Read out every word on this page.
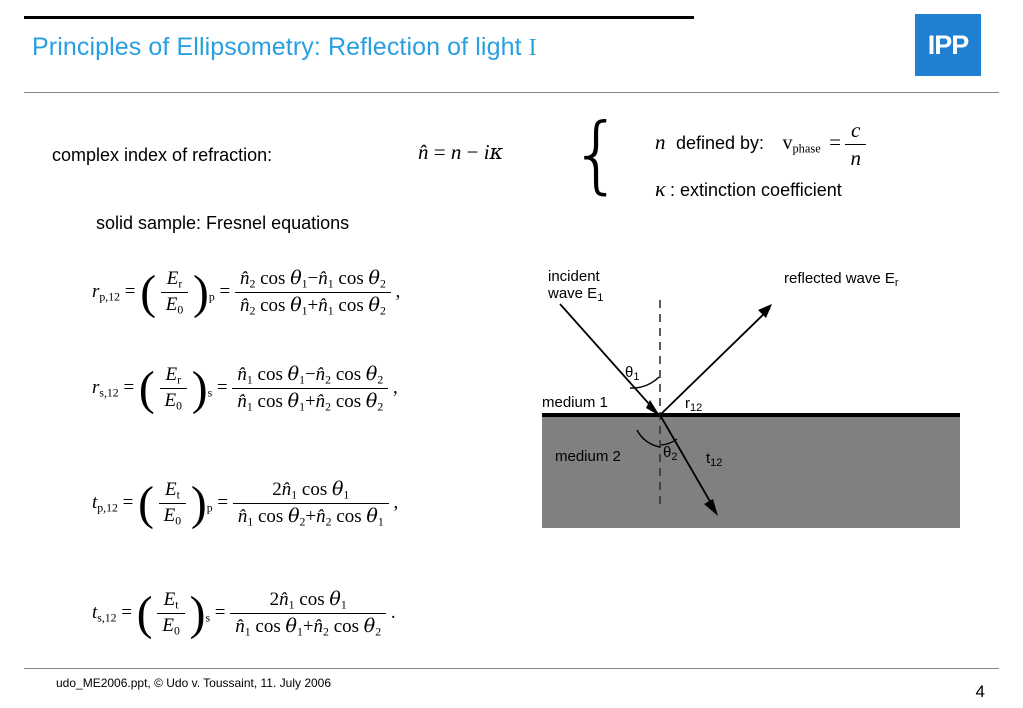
Principles of Ellipsometry: Reflection of light I	IPP
complex index of refraction:	n̂ = n − iκ { n defined by: $v_{phase} = \frac{c}{n}$
κ : extinction coefficient
solid sample: Fresnel equations
$r_{p,12}$ = ( $\frac{E_r}{E_0} )_p = \frac{n̂_2 \cos \theta_1-n̂_1 \cos \theta_2}{n̂_2 \cos \theta_1+n̂_1 \cos \theta_2}$ ,
$r_{s,12}$ = ( $\frac{E_r}{E_0} )_s = \frac{n̂_1 \cos \theta_1-n̂_2 \cos \theta_2}{n̂_1 \cos \theta_1+n̂_2 \cos \theta_2}$ ,
$t_{p,12}$ = ( $\frac{E_t}{E_0} )_p = \frac{2n̂_1 \cos \theta_1}{n̂_1 \cos \theta_2+n̂_2 \cos \theta_1}$ ,
$t_{s,12}$ = ( $\frac{E_t}{E_0} )_s = \frac{2n̂_1 \cos \theta_1}{n̂_1 \cos \theta_1+n̂_2 \cos \theta_2}$ .
incident
wave $E_1$
reflected wave $E_r$
$\theta_1$
medium 1
medium 2	$\theta_2$
$r_{12}$
$t_{12}$
udo_ME2006.ppt, © Udo v. Toussaint, 11. July 2006	4
